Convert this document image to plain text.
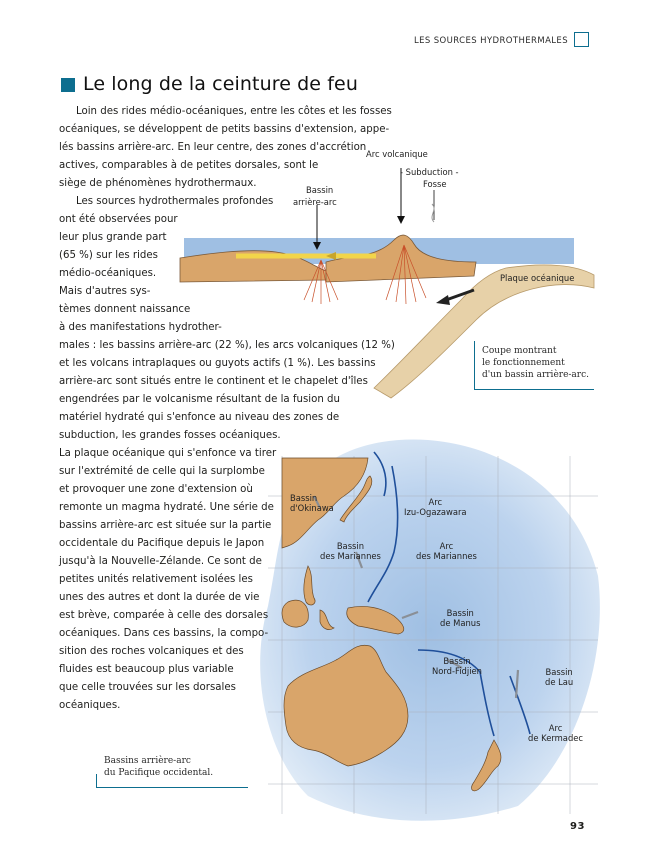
LES SOURCES HYDROTHERMALES
Le long de la ceinture de feu
Arc volcanique
- Subduction -
Fosse
Bassin
arrière-arc
Plaque océanique
Coupe montrant
le fonctionnement
d'un bassin arrière-arc.
Bassin
d'Okinawa
Arc
Izu-Ogazawara
Bassin
des Mariannes
Arc
des Mariannes
Bassin
de Manus
Bassin
Nord-Fidjien	Bassin
de Lau
Arc
de Kermadec
Bassins arrière-arc
du Pacifique occidental.

Loin des rides médio-océaniques, entre les côtes et les fosses

océaniques, se développent de petits bassins d'extension, appe-

lés bassins arrière-arc. En leur centre, des zones d'accrétion

actives, comparables à de petites dorsales, sont le

siège de phénomènes hydrothermaux.

Les sources hydrothermales profondes

ont été observées pour

leur plus grande part

(65 %) sur les rides

médio-océaniques.

Mais d'autres sys-

tèmes donnent naissance

à des manifestations hydrother-

males : les bassins arrière-arc (22 %), les arcs volcaniques (12 %)

et les volcans intraplaques ou guyots actifs (1 %). Les bassins

arrière-arc sont situés entre le continent et le chapelet d'îles

engendrées par le volcanisme résultant de la fusion du

matériel hydraté qui s'enfonce au niveau des zones de

subduction, les grandes fosses océaniques.

La plaque océanique qui s'enfonce va tirer

sur l'extrémité de celle qui la surplombe

et provoquer une zone d'extension où

remonte un magma hydraté. Une série de

bassins arrière-arc est située sur la partie

occidentale du Pacifique depuis le Japon

jusqu'à la Nouvelle-Zélande. Ce sont de

petites unités relativement isolées les

unes des autres et dont la durée de vie

est brève, comparée à celle des dorsales

océaniques. Dans ces bassins, la compo-

sition des roches volcaniques et des

fluides est beaucoup plus variable

que celle trouvées sur les dorsales

océaniques.

93
